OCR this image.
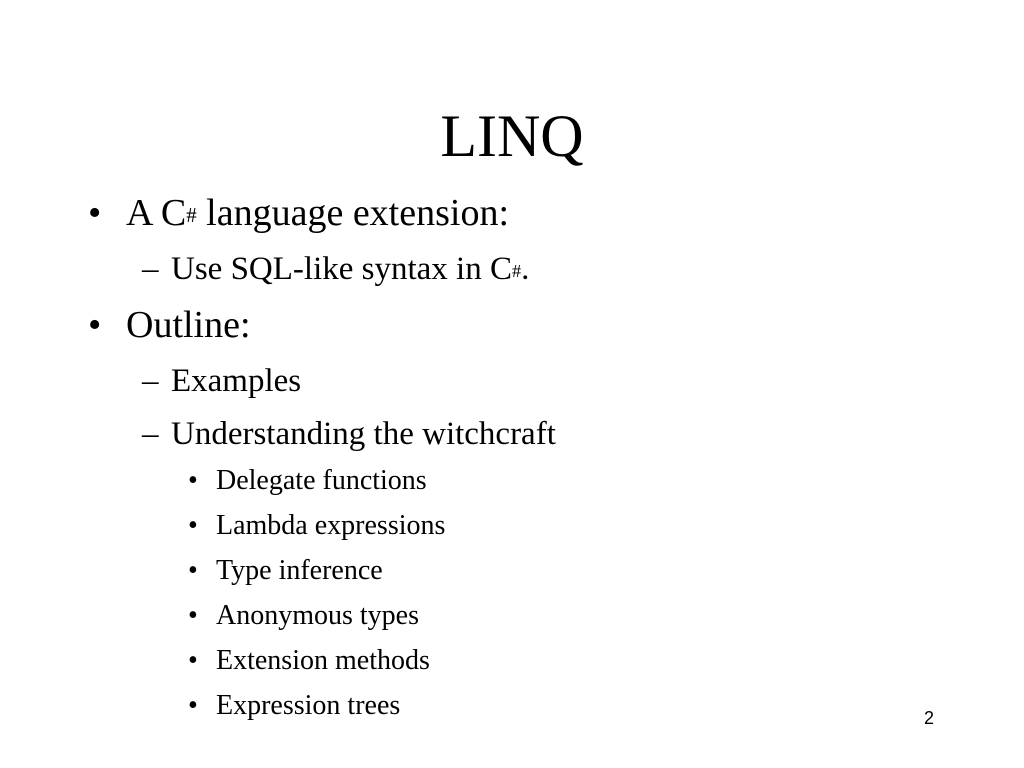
LINQ
• A C# language extension:
– Use SQL-like syntax in C#.
• Outline:
– Examples
– Understanding the witchcraft
• Delegate functions
• Lambda expressions
• Type inference
• Anonymous types
• Extension methods
• Expression trees	2
